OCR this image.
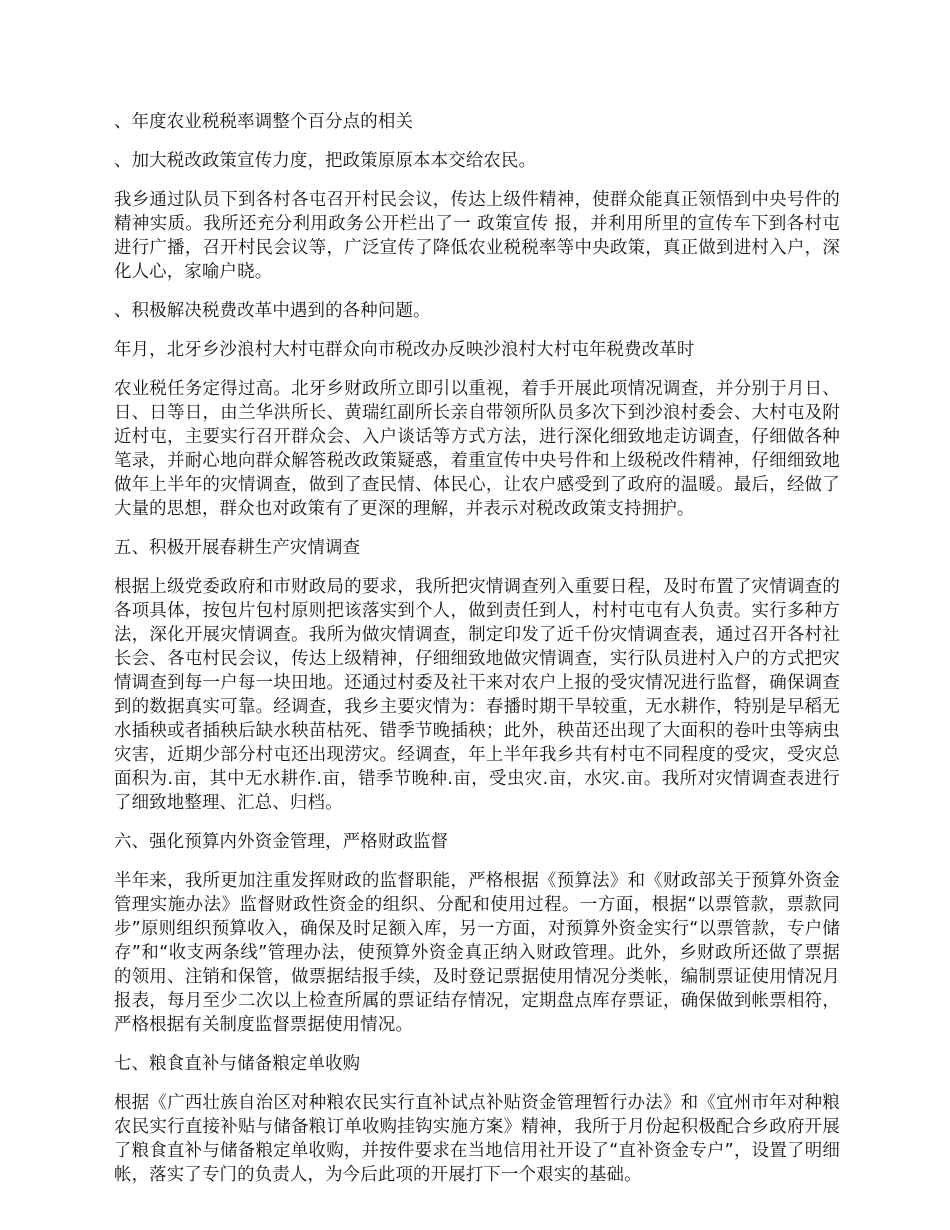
、年度农业税税率调整个百分点的相关

、加大税改政策宣传力度，把政策原原本本交给农民。

我乡通过队员下到各村各屯召开村民会议，传达上级件精神，使群众能真正领悟到中央号件的精神实质。我所还充分利用政务公开栏出了一 政策宣传 报，并利用所里的宣传车下到各村屯进行广播，召开村民会议等，广泛宣传了降低农业税税率等中央政策，真正做到进村入户，深化人心，家喻户晓。

、积极解决税费改革中遇到的各种问题。

年月，北牙乡沙浪村大村屯群众向市税改办反映沙浪村大村屯年税费改革时

农业税任务定得过高。北牙乡财政所立即引以重视，着手开展此项情况调查，并分别于月日、日、日等日，由兰华洪所长、黄瑞红副所长亲自带领所队员多次下到沙浪村委会、大村屯及附近村屯，主要实行召开群众会、入户谈话等方式方法，进行深化细致地走访调查，仔细做各种笔录，并耐心地向群众解答税改政策疑惑，着重宣传中央号件和上级税改件精神，仔细细致地做年上半年的灾情调查，做到了查民情、体民心，让农户感受到了政府的温暖。最后，经做了大量的思想，群众也对政策有了更深的理解，并表示对税改政策支持拥护。

五、积极开展春耕生产灾情调查

根据上级党委政府和市财政局的要求，我所把灾情调查列入重要日程，及时布置了灾情调查的各项具体，按包片包村原则把该落实到个人，做到责任到人，村村屯屯有人负责。实行多种方法，深化开展灾情调查。我所为做灾情调查，制定印发了近千份灾情调查表，通过召开各村社长会、各屯村民会议，传达上级精神，仔细细致地做灾情调查，实行队员进村入户的方式把灾情调查到每一户每一块田地。还通过村委及社干来对农户上报的受灾情况进行监督，确保调查到的数据真实可靠。经调查，我乡主要灾情为：春播时期干旱较重，无水耕作，特别是早稻无水插秧或者插秧后缺水秧苗枯死、错季节晚插秧；此外，秧苗还出现了大面积的卷叶虫等病虫灾害，近期少部分村屯还出现涝灾。经调查，年上半年我乡共有村屯不同程度的受灾，受灾总面积为.亩，其中无水耕作.亩，错季节晚种.亩，受虫灾.亩，水灾.亩。我所对灾情调查表进行了细致地整理、汇总、归档。

六、强化预算内外资金管理，严格财政监督

半年来，我所更加注重发挥财政的监督职能，严格根据《预算法》和《财政部关于预算外资金管理实施办法》监督财政性资金的组织、分配和使用过程。一方面，根据“以票管款，票款同步”原则组织预算收入，确保及时足额入库，另一方面，对预算外资金实行“以票管款，专户储存”和“收支两条线”管理办法，使预算外资金真正纳入财政管理。此外，乡财政所还做了票据的领用、注销和保管，做票据结报手续，及时登记票据使用情况分类帐，编制票证使用情况月报表，每月至少二次以上检查所属的票证结存情况，定期盘点库存票证，确保做到帐票相符，严格根据有关制度监督票据使用情况。

七、粮食直补与储备粮定单收购

根据《广西壮族自治区对种粮农民实行直补试点补贴资金管理暂行办法》和《宜州市年对种粮农民实行直接补贴与储备粮订单收购挂钩实施方案》精神，我所于月份起积极配合乡政府开展了粮食直补与储备粮定单收购，并按件要求在当地信用社开设了“直补资金专户”，设置了明细帐，落实了专门的负责人，为今后此项的开展打下一个艰实的基础。
